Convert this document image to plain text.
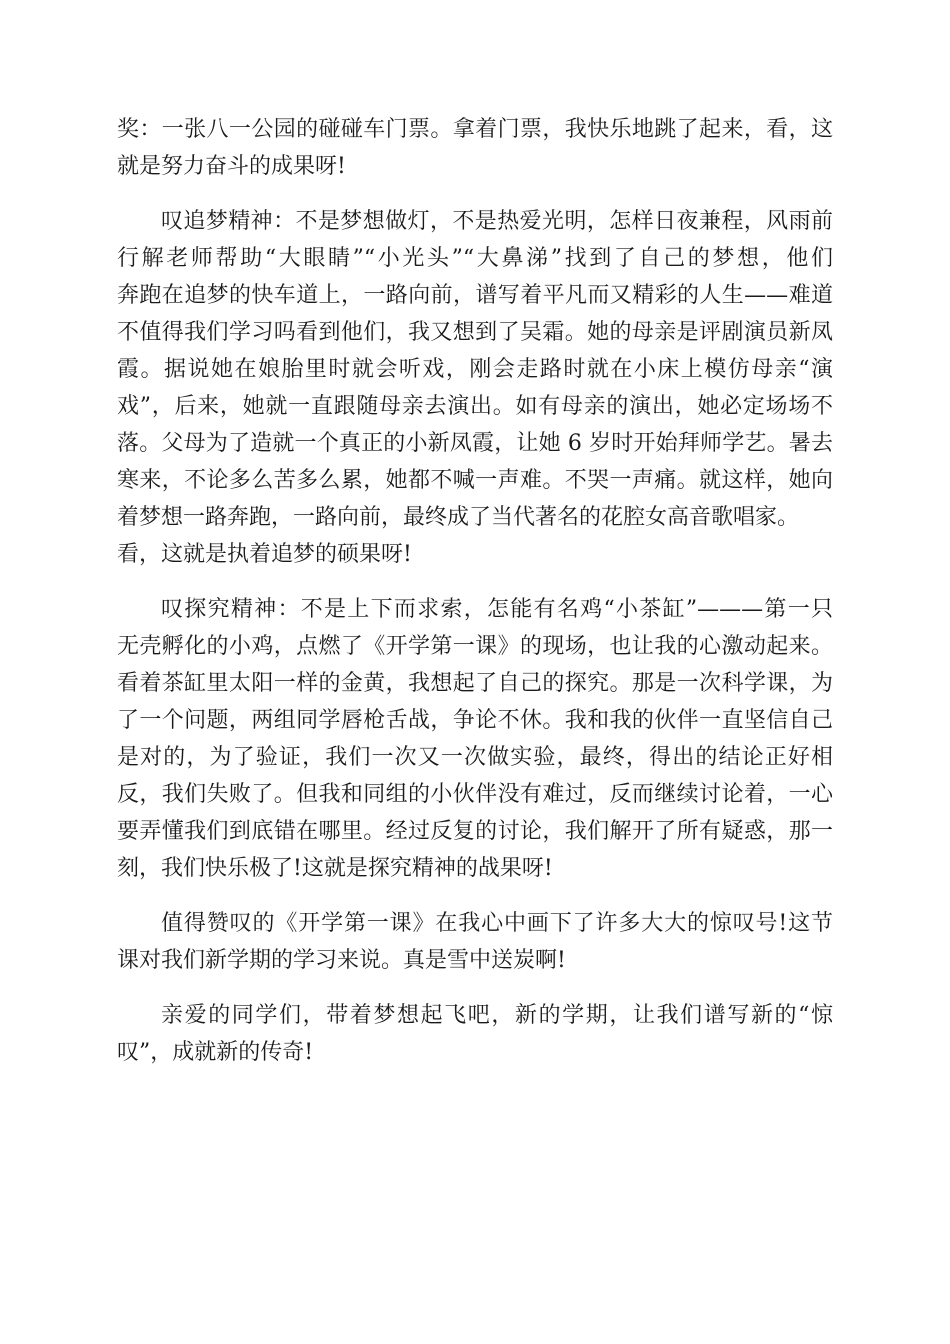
奖：一张八一公园的碰碰车门票。拿着门票，我快乐地跳了起来，看，这
就是努力奋斗的成果呀!
叹追梦精神：不是梦想做灯，不是热爱光明，怎样日夜兼程，风雨前
行解老师帮助“大眼睛”“小光头”“大鼻涕”找到了自己的梦想，他们
奔跑在追梦的快车道上，一路向前，谱写着平凡而又精彩的人生——难道
不值得我们学习吗看到他们，我又想到了吴霜。她的母亲是评剧演员新凤
霞。据说她在娘胎里时就会听戏，刚会走路时就在小床上模仿母亲“演
戏”，后来，她就一直跟随母亲去演出。如有母亲的演出，她必定场场不
落。父母为了造就一个真正的小新凤霞，让她 6 岁时开始拜师学艺。暑去
寒来，不论多么苦多么累，她都不喊一声难。不哭一声痛。就这样，她向
着梦想一路奔跑，一路向前，最终成了当代著名的花腔女高音歌唱家。
看，这就是执着追梦的硕果呀!
叹探究精神：不是上下而求索，怎能有名鸡“小茶缸”———第一只
无壳孵化的小鸡，点燃了《开学第一课》的现场，也让我的心激动起来。
看着茶缸里太阳一样的金黄，我想起了自己的探究。那是一次科学课，为
了一个问题，两组同学唇枪舌战，争论不休。我和我的伙伴一直坚信自己
是对的，为了验证，我们一次又一次做实验，最终，得出的结论正好相
反，我们失败了。但我和同组的小伙伴没有难过，反而继续讨论着，一心
要弄懂我们到底错在哪里。经过反复的讨论，我们解开了所有疑惑，那一
刻，我们快乐极了!这就是探究精神的战果呀!
值得赞叹的《开学第一课》在我心中画下了许多大大的惊叹号!这节
课对我们新学期的学习来说。真是雪中送炭啊!
亲爱的同学们，带着梦想起飞吧，新的学期，让我们谱写新的“惊
叹”，成就新的传奇!
